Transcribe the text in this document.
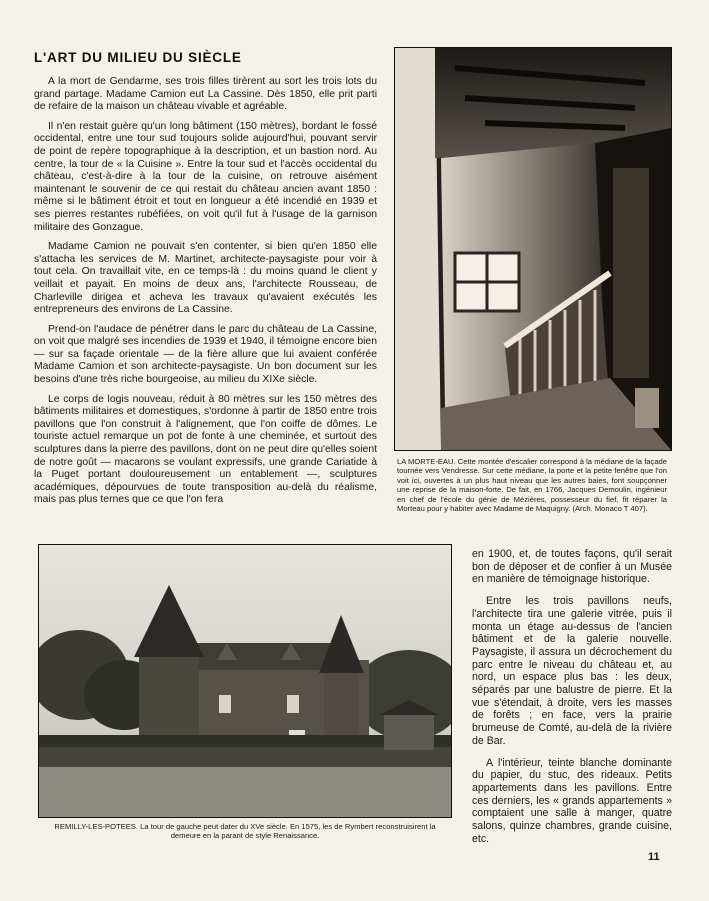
L'ART DU MILIEU DU SIÈCLE

A la mort de Gendarme, ses trois filles tirèrent au sort les trois lots du grand partage. Madame Camion eut La Cassine. Dès 1850, elle prit parti de refaire de la maison un château vivable et agréable.

Il n'en restait guère qu'un long bâtiment (150 mètres), bordant le fossé occidental, entre une tour sud toujours solide aujourd'hui, pouvant servir de point de repère topographique à la description, et un bastion nord. Au centre, la tour de « la Cuisine ». Entre la tour sud et l'accès occidental du château, c'est-à-dire à la tour de la cuisine, on retrouve aisément maintenant le souvenir de ce qui restait du château ancien avant 1850 : même si le bâtiment étroit et tout en longueur a été incendié en 1939 et ses pierres restantes rubéfiées, on voit qu'il fut à l'usage de la garnison militaire des Gonzague.

Madame Camion ne pouvait s'en contenter, si bien qu'en 1850 elle s'attacha les services de M. Martinet, architecte-paysagiste pour voir à tout cela. On travaillait vite, en ce temps-là : du moins quand le client y veillait et payait. En moins de deux ans, l'architecte Rousseau, de Charleville dirigea et acheva les travaux qu'avaient exécutés les entrepreneurs des environs de La Cassine.

Prend-on l'audace de pénétrer dans le parc du château de La Cassine, on voit que malgré ses incendies de 1939 et 1940, il témoigne encore bien — sur sa façade orientale — de la fière allure que lui avaient conférée Madame Camion et son architecte-paysagiste. Un bon document sur les besoins d'une très riche bourgeoise, au milieu du XIXe siècle.

Le corps de logis nouveau, réduit à 80 mètres sur les 150 mètres des bâtiments militaires et domestiques, s'ordonne à partir de 1850 entre trois pavillons que l'on construit à l'alignement, que l'on coiffe de dômes. Le touriste actuel remarque un pot de fonte à une cheminée, et surtout des sculptures dans la pierre des pavillons, dont on ne peut dire qu'elles soient de notre goût — macarons se voulant expressifs, une grande Cariatide à la Puget portant douloureusement un entablement —, sculptures académiques, dépourvues de toute transposition au-delà du réalisme, mais pas plus ternes que ce que l'on fera

LA MORTE-EAU. Cette montée d'escalier correspond à la médiane de la façade tournée vers Vendresse. Sur cette médiane, la porte et la petite fenêtre que l'on voit ici, ouvertes à un plus haut niveau que les autres baies, font soupçonner une reprise de la maison-forte. De fait, en 1766, Jacques Demoulin, ingénieur en chef de l'école du génie de Mézières, possesseur du fief, fit réparer la Morteau pour y habiter avec Madame de Maquigny. (Arch. Monaco T 407).
REMILLY-LES-POTEES. La tour de gauche peut dater du XVe siècle. En 1575, les de Rymbert reconstruisirent la demeure en la parant de style Renaissance.

en 1900, et, de toutes façons, qu'il serait bon de déposer et de confier à un Musée en manière de témoignage historique.

Entre les trois pavillons neufs, l'architecte tira une galerie vitrée, puis il monta un étage au-dessus de l'ancien bâtiment et de la galerie nouvelle. Paysagiste, il assura un décrochement du parc entre le niveau du château et, au nord, un espace plus bas : les deux, séparés par une balustre de pierre. Et la vue s'étendait, à droite, vers les masses de forêts ; en face, vers la prairie brumeuse de Comté, au-delà de la rivière de Bar.

A l'intérieur, teinte blanche dominante du papier, du stuc, des rideaux. Petits appartements dans les pavillons. Entre ces derniers, les « grands appartements » comptaient une salle à manger, quatre salons, quinze chambres, grande cuisine, etc.

11
